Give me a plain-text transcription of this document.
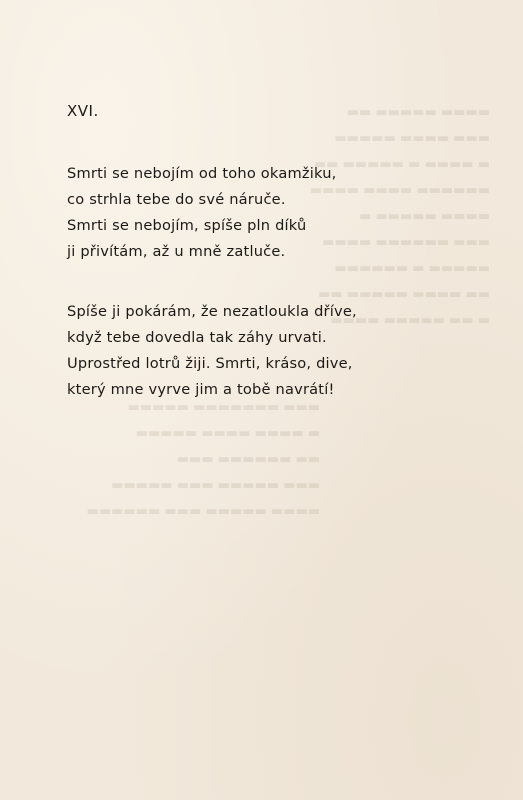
▬▬▬▬ ▬▬▬▬▬ ▬▬
▬▬▬ ▬▬▬▬ ▬▬▬▬▬
▬ ▬▬▬▬ ▬ ▬▬▬▬▬ ▬▬
▬▬▬▬▬▬ ▬▬▬▬ ▬▬▬▬
▬▬▬▬ ▬▬▬▬▬ ▬
▬▬▬ ▬▬▬▬▬▬ ▬▬▬▬
▬▬▬▬▬ ▬ ▬▬▬▬▬▬
▬▬ ▬▬▬▬ ▬▬▬▬▬ ▬▬
▬ ▬▬ ▬▬▬▬▬ ▬▬▬▬
▬▬▬ ▬▬▬▬▬▬▬ ▬▬▬▬▬
▬ ▬▬▬▬ ▬▬▬▬ ▬▬▬▬▬
▬▬ ▬▬▬▬▬▬ ▬▬▬
▬▬▬ ▬▬▬▬▬ ▬▬▬ ▬▬▬▬▬
▬▬▬▬ ▬▬▬▬▬ ▬▬▬ ▬▬▬▬▬▬
XVI.
Smrti se nebojím od toho okamžiku,
co strhla tebe do své náruče.
Smrti se nebojím, spíše pln díků
ji přivítám, až u mně zatluče.
Spíše ji pokárám, že nezatloukla dříve,
když tebe dovedla tak záhy urvati.
Uprostřed lotrů žiji. Smrti, kráso, dive,
který mne vyrve jim a tobě navrátí!
